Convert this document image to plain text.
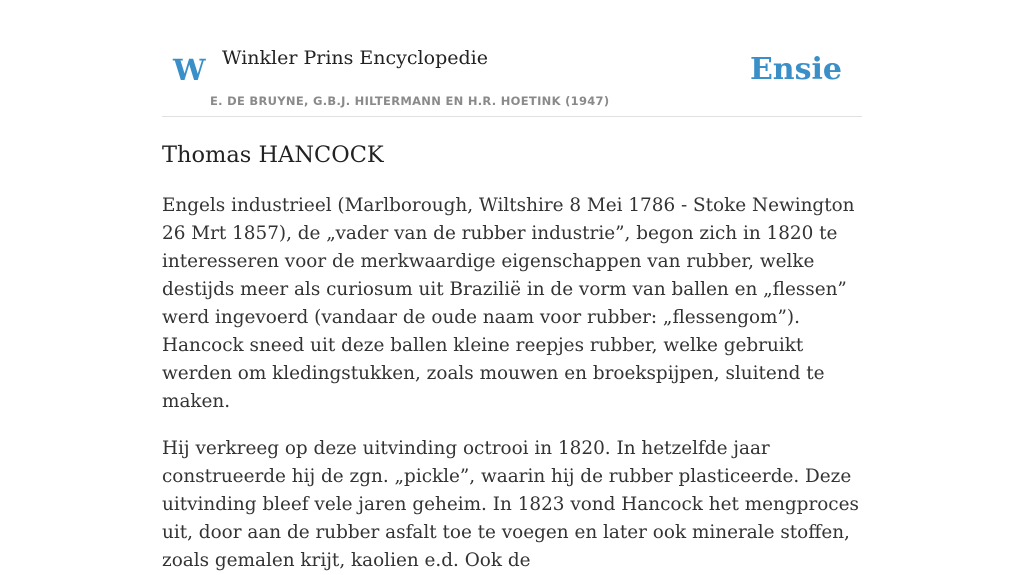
W Winkler Prins Encyclopedie
E. DE BRUYNE, G.B.J. HILTERMANN EN H.R. HOETINK (1947)
Ensie
Thomas HANCOCK

Engels industrieel (Marlborough, Wiltshire 8 Mei 1786 - Stoke Newington 26 Mrt 1857), de „vader van de rubber industrie”, begon zich in 1820 te interesseren voor de merkwaardige eigenschappen van rubber, welke destijds meer als curiosum uit Brazilië in de vorm van ballen en „flessen” werd ingevoerd (vandaar de oude naam voor rubber: „flessengom”). Hancock sneed uit deze ballen kleine reepjes rubber, welke gebruikt werden om kledingstukken, zoals mouwen en broekspijpen, sluitend te maken.

Hij verkreeg op deze uitvinding octrooi in 1820. In hetzelfde jaar construeerde hij de zgn. „pickle”, waarin hij de rubber plasticeerde. Deze uitvinding bleef vele jaren geheim. In 1823 vond Hancock het mengproces uit, door aan de rubber asfalt toe te voegen en later ook minerale stoffen, zoals gemalen krijt, kaolien e.d. Ook de
